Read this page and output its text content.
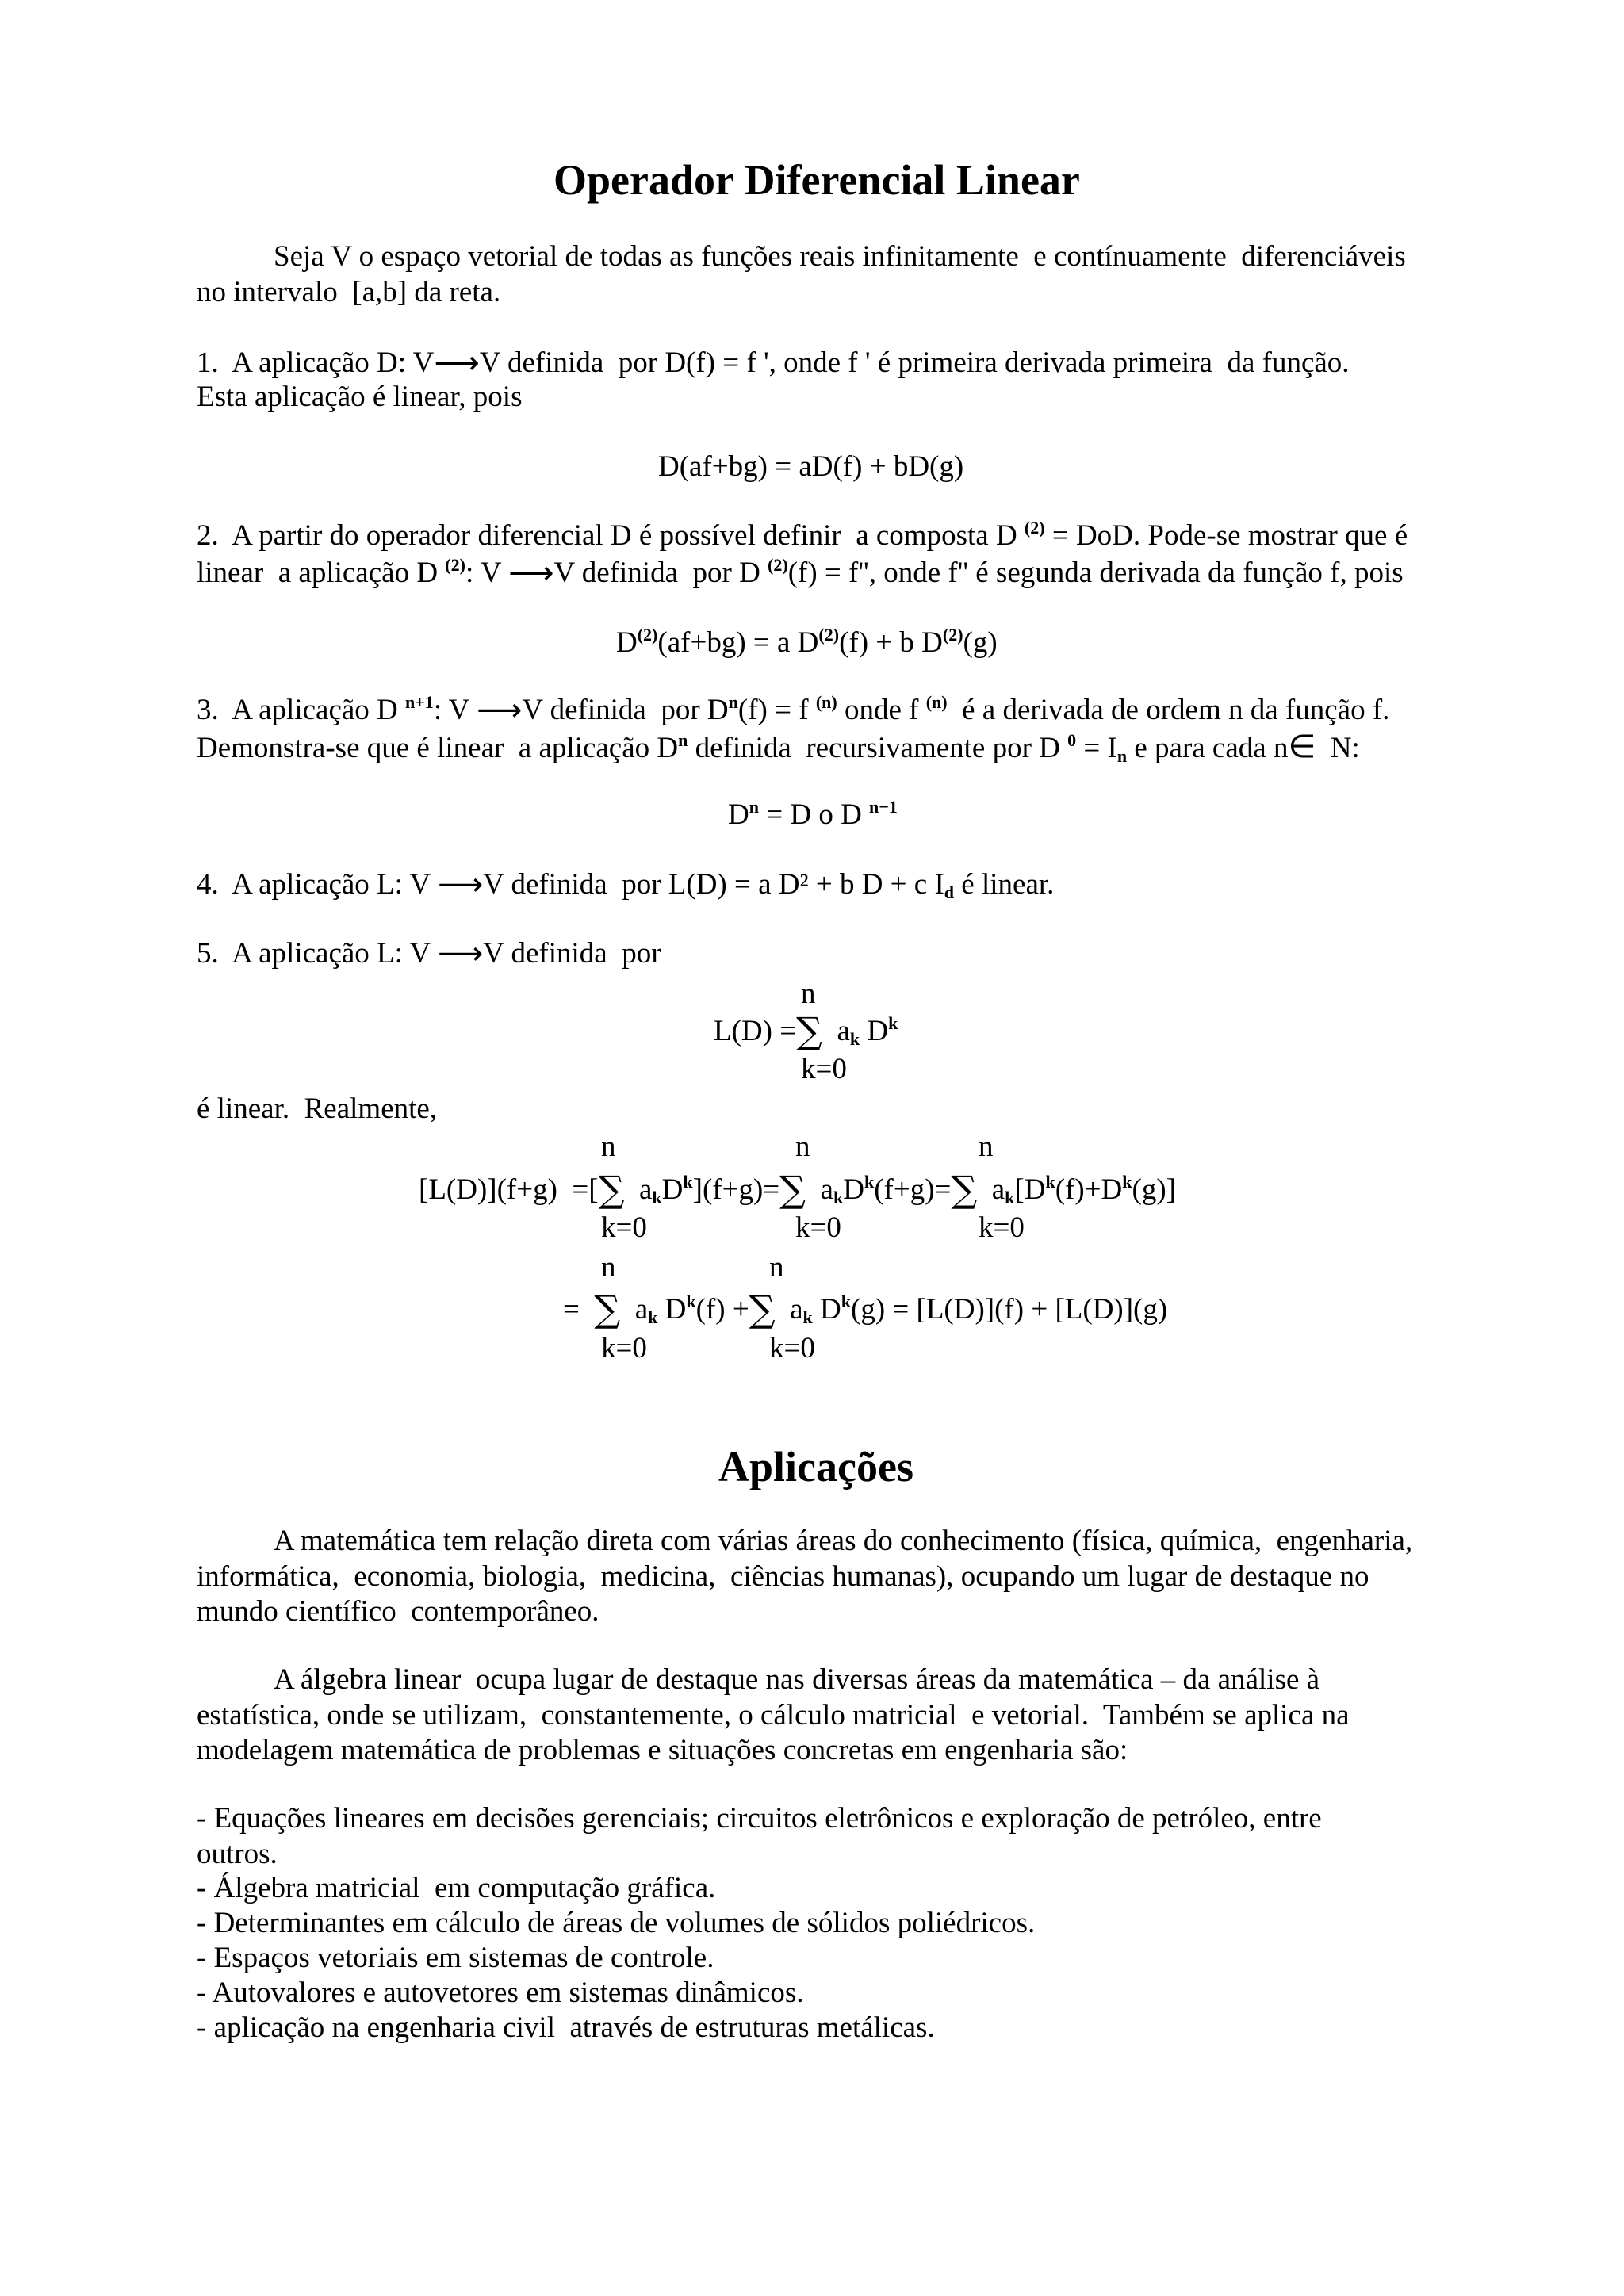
Operador Diferencial Linear
Seja V o espaço vetorial de todas as funções reais infinitamente  e contínuamente  diferenciáveis
no intervalo  [a,b] da reta.
1.  A aplicação D: V⟶V definida  por D(f) = f ', onde f ' é primeira derivada primeira  da função.
Esta aplicação é linear, pois
D(af+bg) = aD(f) + bD(g)
2.  A partir do operador diferencial D é possível definir  a composta D $^{(2)}$ = DoD. Pode-se mostrar que é
linear  a aplicação D $^{(2)}$: V ⟶V definida  por D $^{(2)}$(f) = f'', onde f'' é segunda derivada da função f, pois
$D^{(2)}(af+bg) = a$ $D^{(2)}(f) + b$ $D^{(2)}(g)$
3.  A aplicação D $^{n+1}$: V ⟶V definida  por $D^n(f) = f$ $^{(n)}$ onde f $^{(n)}$  é a derivada de ordem n da função f.
Demonstra-se que é linear  a aplicação $D^n$ definida  recursivamente por D $^0 = I_n$ e para cada n∈  N:
$D^n = D$ o D $^{n-1}$
4.  A aplicação L: V ⟶V definida  por L(D) = a D² + b D + c $I_d$ é linear.
5.  A aplicação L: V ⟶V definida  por
n
L(D) =∑  $a_k$ $D^k$
k=0
é linear.  Realmente,
n	n	n
[L(D)](f+g)  =[∑  $a_kD^k](f+g)=\sum$  $a_kD^k(f+g)=\sum$  $a_k[D^k(f)+D^k(g)]$
k=0	k=0	k=0
n	n
= ∑  $a_k$ $D^k(f)$ +∑  $a_k$ $D^k(g) = [L(D)](f) + [L(D)](g)$
k=0	k=0
Aplicações
A matemática tem relação direta com várias áreas do conhecimento (física, química,  engenharia,
informática,  economia, biologia,  medicina,  ciências humanas), ocupando um lugar de destaque no
mundo científico  contemporâneo.
A álgebra linear  ocupa lugar de destaque nas diversas áreas da matemática – da análise à
estatística, onde se utilizam,  constantemente, o cálculo matricial  e vetorial.  Também se aplica na
modelagem matemática de problemas e situações concretas em engenharia são:
- Equações lineares em decisões gerenciais; circuitos eletrônicos e exploração de petróleo, entre
outros.
- Álgebra matricial  em computação gráfica.
- Determinantes em cálculo de áreas de volumes de sólidos poliédricos.
- Espaços vetoriais em sistemas de controle.
- Autovalores e autovetores em sistemas dinâmicos.
- aplicação na engenharia civil  através de estruturas metálicas.
